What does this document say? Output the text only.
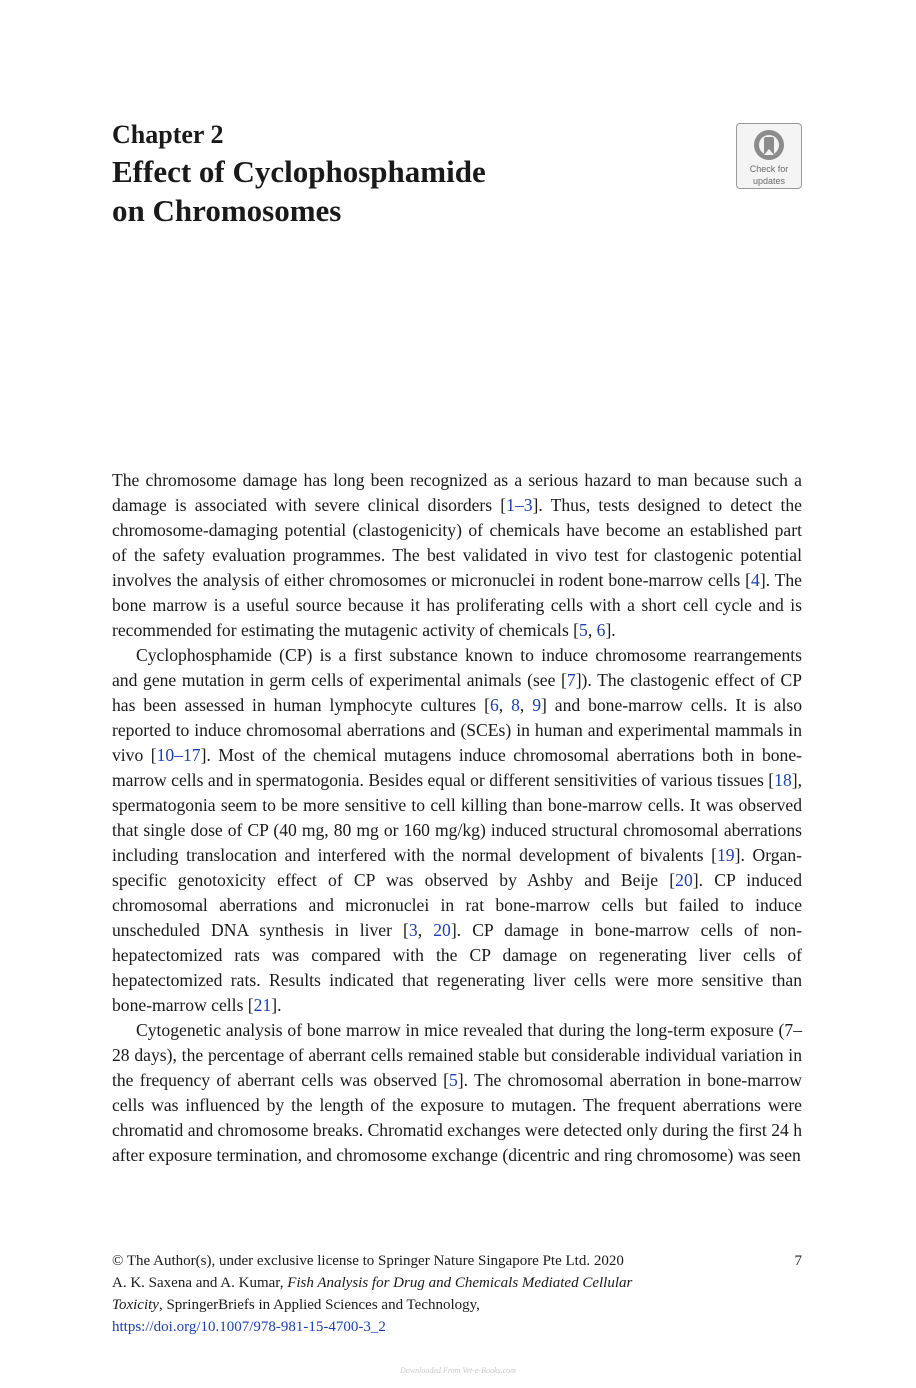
Chapter 2
Effect of Cyclophosphamide
on Chromosomes
Check for
updates

The chromosome damage has long been recognized as a serious hazard to man because such a damage is associated with severe clinical disorders [1–3]. Thus, tests designed to detect the chromosome-damaging potential (clastogenicity) of chemicals have become an established part of the safety evaluation programmes. The best validated in vivo test for clastogenic potential involves the analysis of either chromosomes or micronuclei in rodent bone-marrow cells [4]. The bone marrow is a useful source because it has proliferating cells with a short cell cycle and is recommended for estimating the mutagenic activity of chemicals [5, 6].

Cyclophosphamide (CP) is a first substance known to induce chromosome rearrangements and gene mutation in germ cells of experimental animals (see [7]). The clastogenic effect of CP has been assessed in human lymphocyte cultures [6, 8, 9] and bone-marrow cells. It is also reported to induce chromosomal aberrations and (SCEs) in human and experimental mammals in vivo [10–17]. Most of the chemical mutagens induce chromosomal aberrations both in bone-marrow cells and in spermatogonia. Besides equal or different sensitivities of various tissues [18], spermatogonia seem to be more sensitive to cell killing than bone-marrow cells. It was observed that single dose of CP (40 mg, 80 mg or 160 mg/kg) induced structural chromosomal aberrations including translocation and interfered with the normal development of bivalents [19]. Organ-specific genotoxicity effect of CP was observed by Ashby and Beije [20]. CP induced chromosomal aberrations and micronuclei in rat bone-marrow cells but failed to induce unscheduled DNA synthesis in liver [3, 20]. CP damage in bone-marrow cells of non-hepatectomized rats was compared with the CP damage on regenerating liver cells of hepatectomized rats. Results indicated that regenerating liver cells were more sensitive than bone-marrow cells [21].

Cytogenetic analysis of bone marrow in mice revealed that during the long-term exposure (7–28 days), the percentage of aberrant cells remained stable but considerable individual variation in the frequency of aberrant cells was observed [5]. The chromosomal aberration in bone-marrow cells was influenced by the length of the exposure to mutagen. The frequent aberrations were chromatid and chromosome breaks. Chromatid exchanges were detected only during the first 24 h after exposure termination, and chromosome exchange (dicentric and ring chromosome) was seen

7
© The Author(s), under exclusive license to Springer Nature Singapore Pte Ltd. 2020
A. K. Saxena and A. Kumar, Fish Analysis for Drug and Chemicals Mediated Cellular
Toxicity, SpringerBriefs in Applied Sciences and Technology,
https://doi.org/10.1007/978-981-15-4700-3_2
Downloaded From Vet-e-Books.com
